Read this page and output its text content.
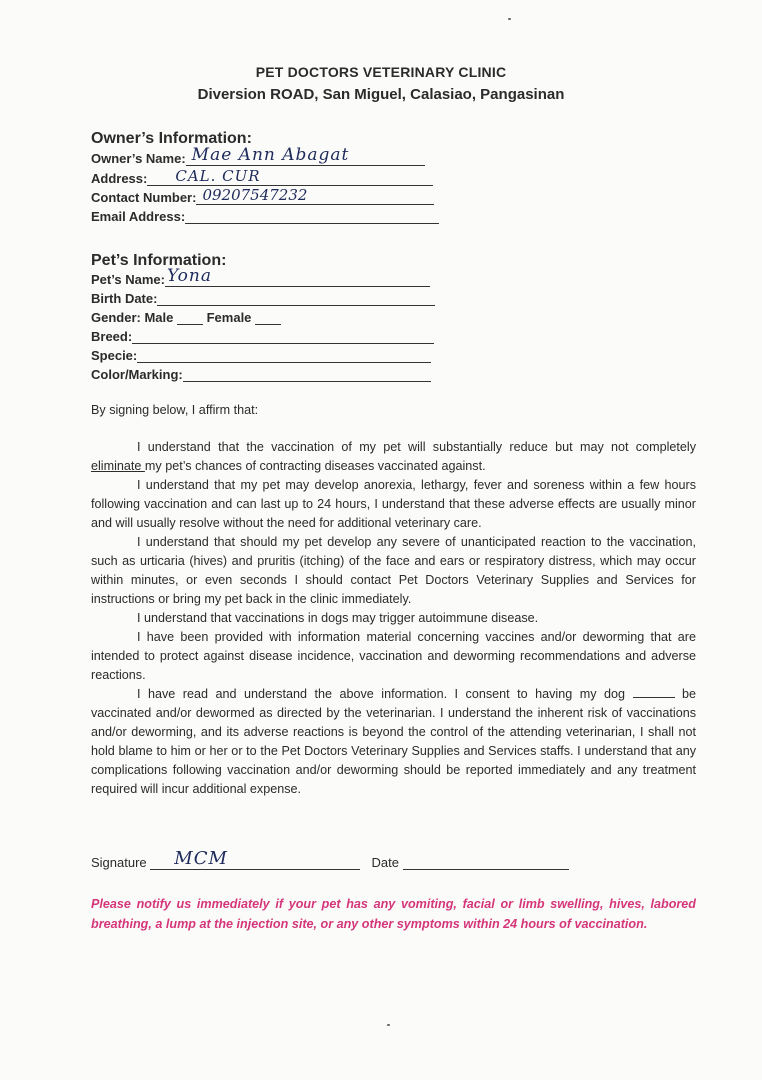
PET DOCTORS VETERINARY CLINIC
Diversion ROAD, San Miguel, Calasiao, Pangasinan
Owner’s Information:
Owner’s Name: Mae Ann Abagat
Address: CAL. CUR
Contact Number: 09207547232
Email Address:
Pet’s Information:
Pet’s Name: Yona
Birth Date:
Gender: Male	Female
Breed:
Specie:
Color/Marking:
By signing below, I affirm that:

I understand that the vaccination of my pet will substantially reduce but may not completely eliminate my pet’s chances of contracting diseases vaccinated against.

I understand that my pet may develop anorexia, lethargy, fever and soreness within a few hours following vaccination and can last up to 24 hours, I understand that these adverse effects are usually minor and will usually resolve without the need for additional veterinary care.

I understand that should my pet develop any severe of unanticipated reaction to the vaccination, such as urticaria (hives) and pruritis (itching) of the face and ears or respiratory distress, which may occur within minutes, or even seconds I should contact Pet Doctors Veterinary Supplies and Services for instructions or bring my pet back in the clinic immediately.

I understand that vaccinations in dogs may trigger autoimmune disease.

I have been provided with information material concerning vaccines and/or deworming that are intended to protect against disease incidence, vaccination and deworming recommendations and adverse reactions.

I have read and understand the above information. I consent to having my dog	be vaccinated and/or dewormed as directed by the veterinarian. I understand the inherent risk of vaccinations and/or deworming, and its adverse reactions is beyond the control of the attending veterinarian, I shall not hold blame to him or her or to the Pet Doctors Veterinary Supplies and Services staffs. I understand that any complications following vaccination and/or deworming should be reported immediately and any treatment required will incur additional expense.

Signature MCM	Date
Please notify us immediately if your pet has any vomiting, facial or limb swelling, hives, labored breathing, a lump at the injection site, or any other symptoms within 24 hours of vaccination.
